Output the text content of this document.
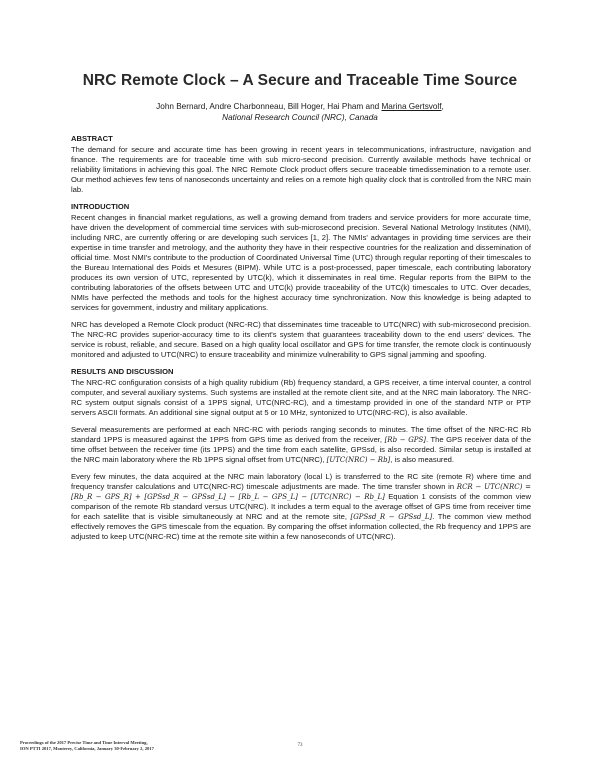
NRC Remote Clock – A Secure and Traceable Time Source
John Bernard, Andre Charbonneau, Bill Hoger, Hai Pham and Marina Gertsvolf,
National Research Council (NRC), Canada
ABSTRACT
The demand for secure and accurate time has been growing in recent years in telecommunications, infrastructure, navigation and finance. The requirements are for traceable time with sub micro-second precision. Currently available methods have technical or reliability limitations in achieving this goal. The NRC Remote Clock product offers secure traceable timedissemination to a remote user. Our method achieves few tens of nanoseconds uncertainty and relies on a remote high quality clock that is controlled from the NRC main lab.
INTRODUCTION
Recent changes in financial market regulations, as well a growing demand from traders and service providers for more accurate time, have driven the development of commercial time services with sub-microsecond precision. Several National Metrology Institutes (NMI), including NRC, are currently offering or are developing such services [1, 2]. The NMIs' advantages in providing time services are their expertise in time transfer and metrology, and the authority they have in their respective countries for the realization and dissemination of official time. Most NMI's contribute to the production of Coordinated Universal Time (UTC) through regular reporting of their timescales to the Bureau International des Poids et Mesures (BIPM). While UTC is a post-processed, paper timescale, each contributing laboratory produces its own version of UTC, represented by UTC(k), which it disseminates in real time. Regular reports from the BIPM to the contributing laboratories of the offsets between UTC and UTC(k) provide traceability of the UTC(k) timescales to UTC. Over decades, NMIs have perfected the methods and tools for the highest accuracy time synchronization. Now this knowledge is being adapted to services for government, industry and military applications.
NRC has developed a Remote Clock product (NRC-RC) that disseminates time traceable to UTC(NRC) with sub-microsecond precision. The NRC-RC provides superior-accuracy time to its client's system that guarantees traceability down to the end users' devices. The service is robust, reliable, and secure. Based on a high quality local oscillator and GPS for time transfer, the remote clock is continuously monitored and adjusted to UTC(NRC) to ensure traceability and minimize vulnerability to GPS signal jamming and spoofing.
RESULTS AND DISCUSSION
The NRC-RC configuration consists of a high quality rubidium (Rb) frequency standard, a GPS receiver, a time interval counter, a control computer, and several auxiliary systems. Such systems are installed at the remote client site, and at the NRC main laboratory. The NRC-RC system output signals consist of a 1PPS signal, UTC(NRC-RC), and a timestamp provided in one of the standard NTP or PTP servers ASCII formats. An additional sine signal output at 5 or 10 MHz, syntonized to UTC(NRC-RC), is also available.
Several measurements are performed at each NRC-RC with periods ranging seconds to minutes. The time offset of the NRC-RC Rb standard 1PPS is measured against the 1PPS from GPS time as derived from the receiver, [Rb − GPS]. The GPS receiver data of the time offset between the receiver time (its 1PPS) and the time from each satellite, GPSsd, is also recorded. Similar setup is installed at the NRC main laboratory where the Rb 1PPS signal offset from UTC(NRC), [UTC(NRC) − Rb], is also measured.
Every few minutes, the data acquired at the NRC main laboratory (local L) is transferred to the RC site (remote R) where time and frequency transfer calculations and UTC(NRC-RC) timescale adjustments are made. The time transfer shown in RCR − UTC(NRC) = [Rb_R − GPS_R] + [GPSsd_R − GPSsd_L] − [Rb_L − GPS_L] − [UTC(NRC) − Rb_L] Equation 1 consists of the common view comparison of the remote Rb standard versus UTC(NRC). It includes a term equal to the average offset of GPS time from receiver time for each satellite that is visible simultaneously at NRC and at the remote site, [GPSsd_R − GPSsd_L]. The common view method effectively removes the GPS timescale from the equation. By comparing the offset information collected, the Rb frequency and 1PPS are adjusted to keep UTC(NRC-RC) time at the remote site within a few nanoseconds of UTC(NRC).
Proceedings of the 2017 Precise Time and Time Interval Meeting,
ION PTTI 2017, Monterey, California, January 30-February 2, 2017
73
